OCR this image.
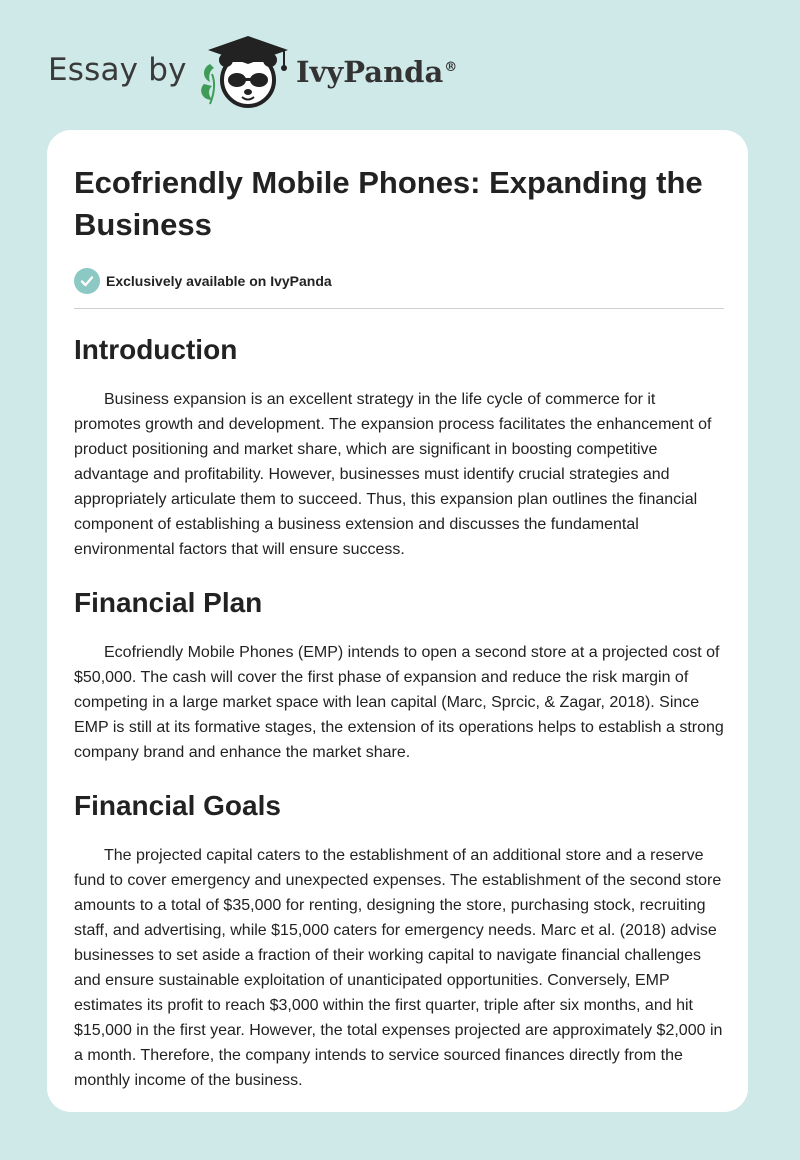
Essay by	IvyPanda®
Ecofriendly Mobile Phones: Expanding the Business
Exclusively available on IvyPanda
Introduction

Business expansion is an excellent strategy in the life cycle of commerce for it promotes growth and development. The expansion process facilitates the enhancement of product positioning and market share, which are significant in boosting competitive advantage and profitability. However, businesses must identify crucial strategies and appropriately articulate them to succeed. Thus, this expansion plan outlines the financial component of establishing a business extension and discusses the fundamental environmental factors that will ensure success.

Financial Plan

Ecofriendly Mobile Phones (EMP) intends to open a second store at a projected cost of $50,000. The cash will cover the first phase of expansion and reduce the risk margin of competing in a large market space with lean capital (Marc, Sprcic, & Zagar, 2018). Since EMP is still at its formative stages, the extension of its operations helps to establish a strong company brand and enhance the market share.

Financial Goals

The projected capital caters to the establishment of an additional store and a reserve fund to cover emergency and unexpected expenses. The establishment of the second store amounts to a total of $35,000 for renting, designing the store, purchasing stock, recruiting staff, and advertising, while $15,000 caters for emergency needs. Marc et al. (2018) advise businesses to set aside a fraction of their working capital to navigate financial challenges and ensure sustainable exploitation of unanticipated opportunities. Conversely, EMP estimates its profit to reach $3,000 within the first quarter, triple after six months, and hit $15,000 in the first year. However, the total expenses projected are approximately $2,000 in a month. Therefore, the company intends to service sourced finances directly from the monthly income of the business.
